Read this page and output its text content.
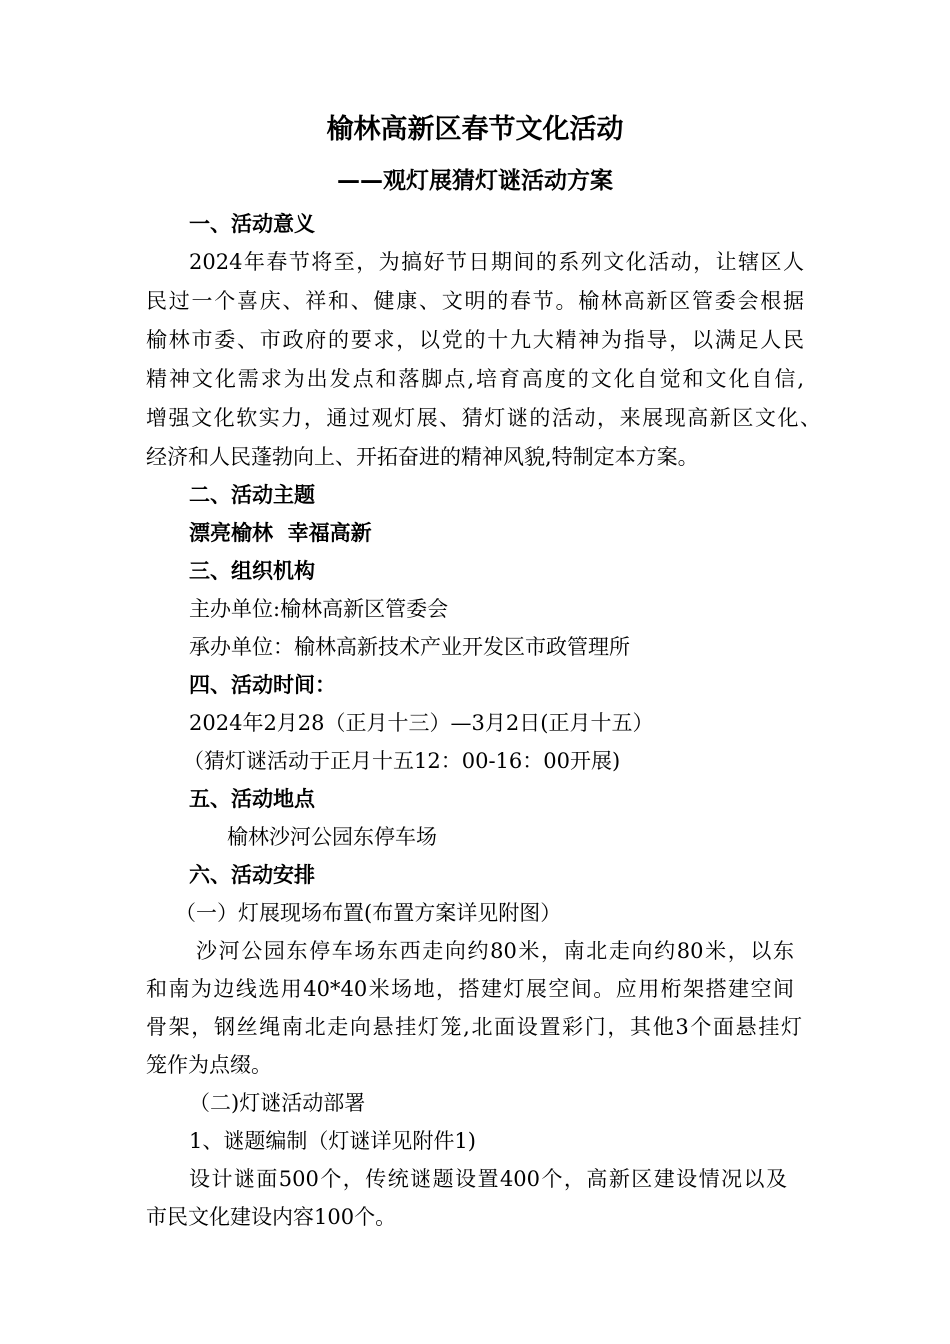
榆林高新区春节文化活动
——观灯展猜灯谜活动方案
一、活动意义
2024年春节将至，为搞好节日期间的系列文化活动，让辖区人
民过一个喜庆、祥和、健康、文明的春节。榆林高新区管委会根据
榆林市委、市政府的要求，以党的十九大精神为指导，以满足人民
精神文化需求为出发点和落脚点,培育高度的文化自觉和文化自信,
增强文化软实力，通过观灯展、猜灯谜的活动，来展现高新区文化、
经济和人民蓬勃向上、开拓奋进的精神风貌,特制定本方案。
二、活动主题
漂亮榆林  幸福高新
三、组织机构
主办单位:榆林高新区管委会
承办单位：榆林高新技术产业开发区市政管理所
四、活动时间：
2024年2月28（正月十三）—3月2日(正月十五）
（猜灯谜活动于正月十五12：00-16：00开展)
五、活动地点
榆林沙河公园东停车场
六、活动安排
（一）灯展现场布置(布置方案详见附图）
沙河公园东停车场东西走向约80米，南北走向约80米，以东
和南为边线选用40*40米场地，搭建灯展空间。应用桁架搭建空间
骨架，钢丝绳南北走向悬挂灯笼,北面设置彩门，其他3个面悬挂灯
笼作为点缀。
（二)灯谜活动部署
1、谜题编制（灯谜详见附件1)
设计谜面500个，传统谜题设置400个，高新区建设情况以及
市民文化建设内容100个。
